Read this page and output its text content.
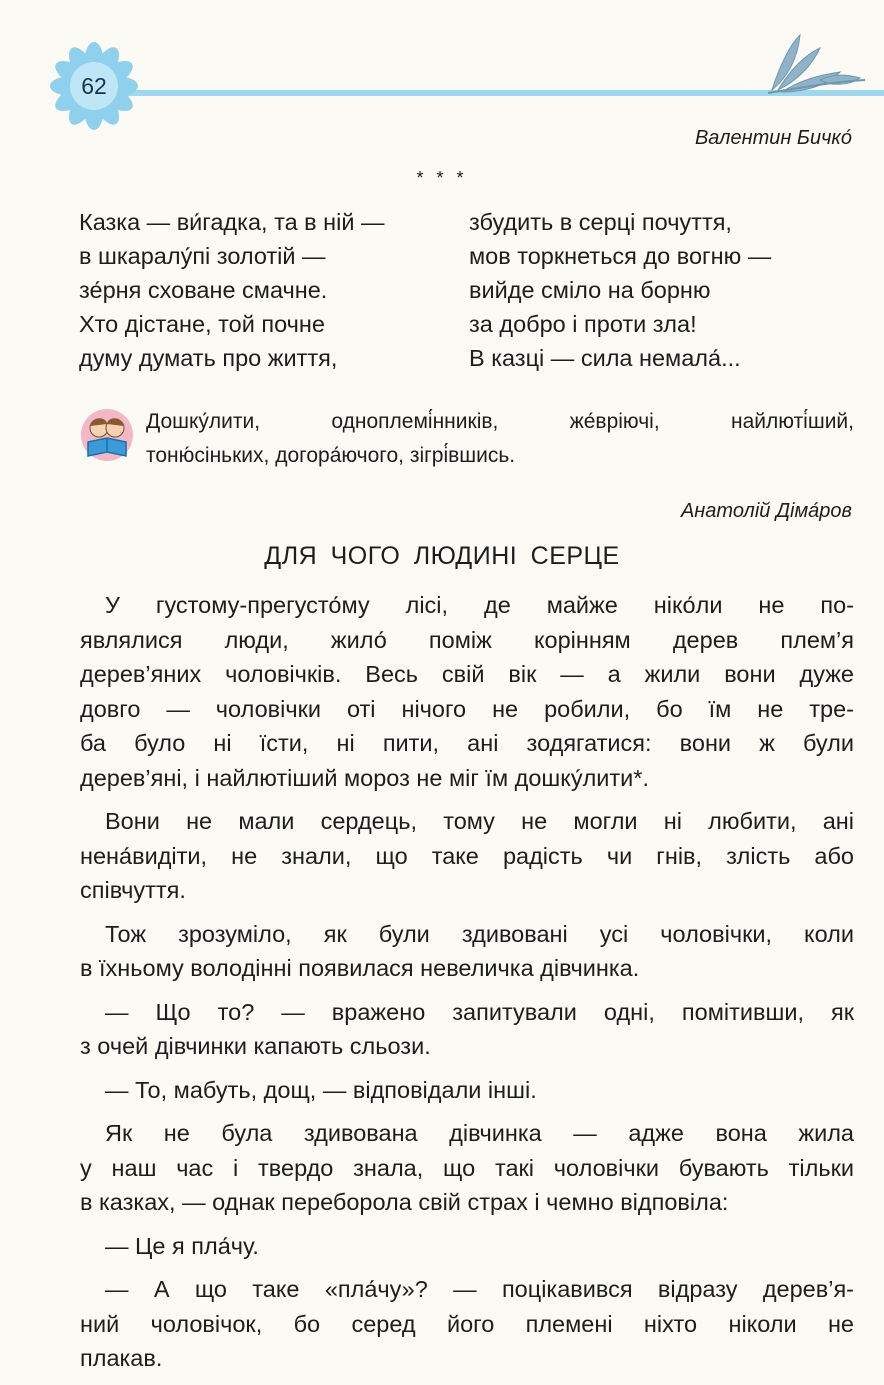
62
Валентин Бичко́
* * *
Казка — ви́гадка, та в ній —
в шкаралу́пі золотій —
зе́рня сховане смачне.
Хто дістане, той почне
думу думать про життя,
збудить в серці почуття,
мов торкнеться до вогню —
вийде сміло на борню
за добро і проти зла!
В казці — сила немала́...
Дошку́лити,	одноплемі́нників,	же́вріючі,	найлюті́ший,
тоню́сіньких, догора́ючого, зігрі́вшись.
Анатолій Діма́ров
ДЛЯ ЧОГО ЛЮДИНІ СЕРЦЕ

У густому-прегусто́му лісі, де майже ніко́ли не по-
являлися люди, жило́ поміж корінням дерев плем’я
дерев’яних чоловічків. Весь свій вік — а жили вони дуже
довго — чоловічки оті нічого не робили, бо їм не тре-
ба було ні їсти, ні пити, ані зодягатися: вони ж були
дерев’яні, і найлютіший мороз не міг їм дошку́лити*.

Вони не мали сердець, тому не могли ні любити, ані
нена́видіти, не знали, що таке радість чи гнів, злість або
співчуття.

Тож зрозуміло, як були здивовані усі чоловічки, коли
в їхньому володінні появилася невеличка дівчинка.

— Що то? — вражено запитували одні, помітивши, як
з очей дівчинки капають сльози.

— То, мабуть, дощ, — відповідали інші.

Як не була здивована дівчинка — адже вона жила
у наш час і твердо знала, що такі чоловічки бувають тільки
в казках, — однак переборола свій страх і чемно відповіла:

— Це я пла́чу.

— А що таке «пла́чу»? — поцікавився відразу дерев’я-
ний чоловічок, бо серед його племені ніхто ніколи не
плакав.
